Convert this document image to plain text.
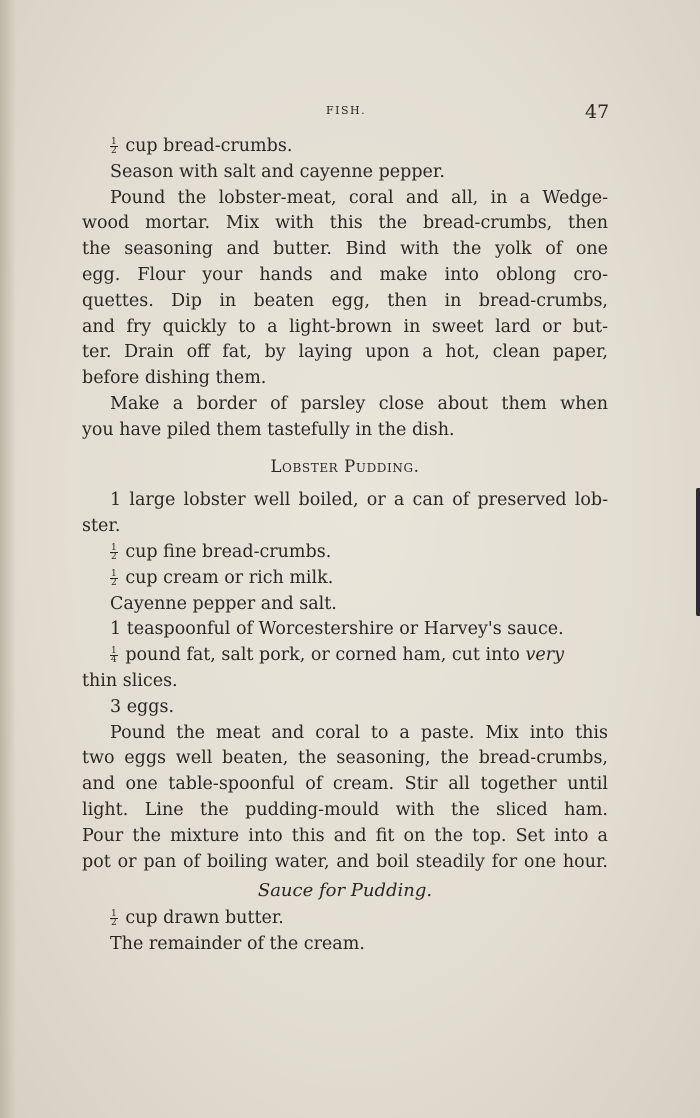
FISH.	47
$\frac{1}{2}$ cup bread-crumbs.
Season with salt and cayenne pepper.
Pound the lobster-meat, coral and all, in a Wedge-
wood mortar. Mix with this the bread-crumbs, then
the seasoning and butter. Bind with the yolk of one
egg. Flour your hands and make into oblong cro-
quettes. Dip in beaten egg, then in bread-crumbs,
and fry quickly to a light-brown in sweet lard or but-
ter. Drain off fat, by laying upon a hot, clean paper,
before dishing them.
Make a border of parsley close about them when
you have piled them tastefully in the dish.
Lobster Pudding.
1 large lobster well boiled, or a can of preserved lob-
ster.
$\frac{1}{2}$ cup fine bread-crumbs.
$\frac{1}{2}$ cup cream or rich milk.
Cayenne pepper and salt.
1 teaspoonful of Worcestershire or Harvey's sauce.
$\frac{1}{4}$ pound fat, salt pork, or corned ham, cut into very
thin slices.
3 eggs.
Pound the meat and coral to a paste. Mix into this
two eggs well beaten, the seasoning, the bread-crumbs,
and one table-spoonful of cream. Stir all together until
light. Line the pudding-mould with the sliced ham.
Pour the mixture into this and fit on the top. Set into a
pot or pan of boiling water, and boil steadily for one hour.
Sauce for Pudding.
$\frac{1}{2}$ cup drawn butter.
The remainder of the cream.
